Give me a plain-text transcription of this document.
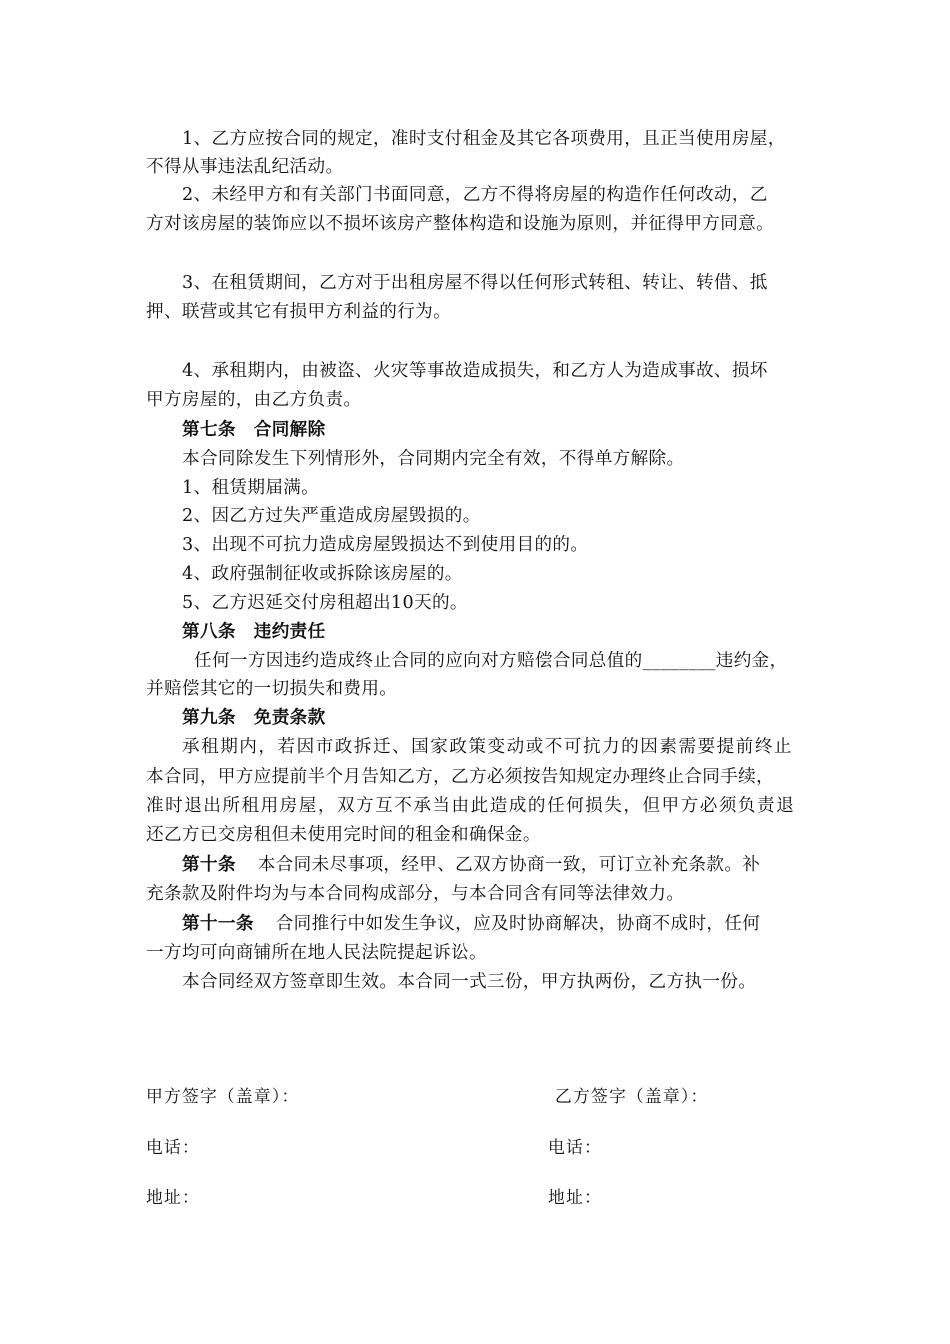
1、乙方应按合同的规定，准时支付租金及其它各项费用，且正当使用房屋，
不得从事违法乱纪活动。
2、未经甲方和有关部门书面同意，乙方不得将房屋的构造作任何改动，乙
方对该房屋的装饰应以不损坏该房产整体构造和设施为原则，并征得甲方同意。
3、在租赁期间，乙方对于出租房屋不得以任何形式转租、转让、转借、抵
押、联营或其它有损甲方利益的行为。
4、承租期内，由被盗、火灾等事故造成损失，和乙方人为造成事故、损坏
甲方房屋的，由乙方负责。
第七条　合同解除
本合同除发生下列情形外，合同期内完全有效，不得单方解除。
1、租赁期届满。
2、因乙方过失严重造成房屋毁损的。
3、出现不可抗力造成房屋毁损达不到使用目的的。
4、政府强制征收或拆除该房屋的。
5、乙方迟延交付房租超出10天的。
第八条　违约责任
任何一方因违约造成终止合同的应向对方赔偿合同总值的________违约金，
并赔偿其它的一切损失和费用。
第九条　免责条款
承租期内，若因市政拆迁、国家政策变动或不可抗力的因素需要提前终止
本合同，甲方应提前半个月告知乙方，乙方必须按告知规定办理终止合同手续，
准时退出所租用房屋，双方互不承当由此造成的任何损失，但甲方必须负责退
还乙方已交房租但未使用完时间的租金和确保金。
第十条 本合同未尽事项，经甲、乙双方协商一致，可订立补充条款。补
充条款及附件均为与本合同构成部分，与本合同含有同等法律效力。
第十一条 合同推行中如发生争议，应及时协商解决，协商不成时，任何
一方均可向商铺所在地人民法院提起诉讼。
本合同经双方签章即生效。本合同一式三份，甲方执两份，乙方执一份。
甲方签字（盖章）：	乙方签字（盖章）：
电话：	电话：
地址：	地址：
